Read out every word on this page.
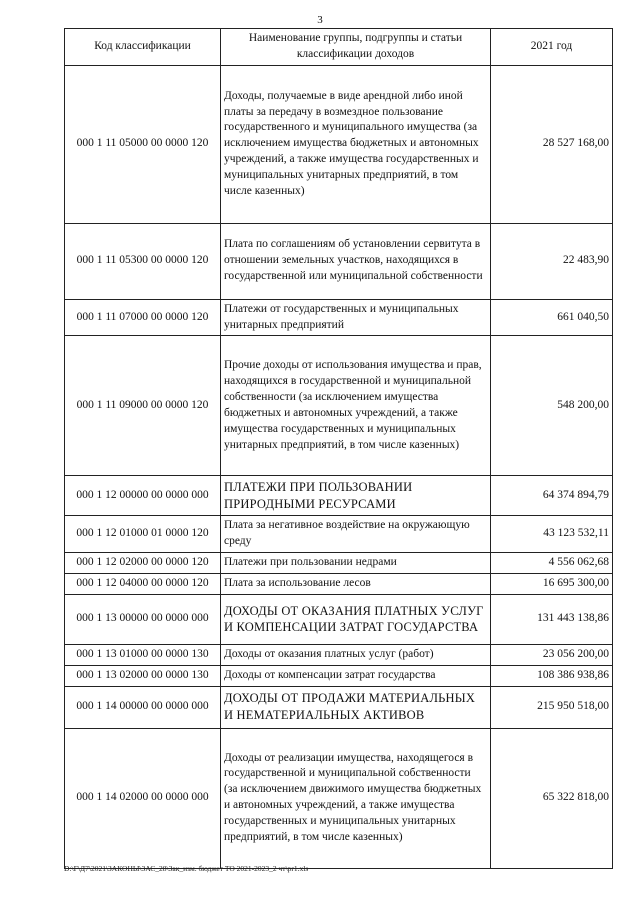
3
Код классификации	Наименование группы, подгруппы и статьи классификации доходов	2021 год
000 1 11 05000 00 0000 120	Доходы, получаемые в виде арендной либо иной платы за передачу в возмездное пользование государственного и муниципального имущества (за исключением имущества бюджетных и автономных учреждений, а также имущества государственных и муниципальных унитарных предприятий, в том числе казенных)	28 527 168,00
000 1 11 05300 00 0000 120	Плата по соглашениям об установлении сервитута в отношении земельных участков, находящихся в государственной или муниципальной собственности	22 483,90
000 1 11 07000 00 0000 120	Платежи от государственных и муниципальных унитарных предприятий	661 040,50
000 1 11 09000 00 0000 120	Прочие доходы от использования имущества и прав, находящихся в государственной и муниципальной собственности (за исключением имущества бюджетных и автономных учреждений, а также имущества государственных и муниципальных унитарных предприятий, в том числе казенных)	548 200,00
000 1 12 00000 00 0000 000	ПЛАТЕЖИ ПРИ ПОЛЬЗОВАНИИ ПРИРОДНЫМИ РЕСУРСАМИ	64 374 894,79
000 1 12 01000 01 0000 120	Плата за негативное воздействие на окружающую среду	43 123 532,11
000 1 12 02000 00 0000 120	Платежи при пользовании недрами	4 556 062,68
000 1 12 04000 00 0000 120	Плата за использование лесов	16 695 300,00
000 1 13 00000 00 0000 000	ДОХОДЫ ОТ ОКАЗАНИЯ ПЛАТНЫХ УСЛУГ И КОМПЕНСАЦИИ ЗАТРАТ ГОСУДАРСТВА	131 443 138,86
000 1 13 01000 00 0000 130	Доходы от оказания платных услуг (работ)	23 056 200,00
000 1 13 02000 00 0000 130	Доходы от компенсации затрат государства	108 386 938,86
000 1 14 00000 00 0000 000	ДОХОДЫ ОТ ПРОДАЖИ МАТЕРИАЛЬНЫХ И НЕМАТЕРИАЛЬНЫХ АКТИВОВ	215 950 518,00
000 1 14 02000 00 0000 000	Доходы от реализации имущества, находящегося в государственной и муниципальной собственности (за исключением движимого имущества бюджетных и автономных учреждений, а также имущества государственных и муниципальных унитарных предприятий, в том числе казенных)	65 322 818,00
D:\Г\Д7\2021\ЗАКОНЫ\ЗАС_28\Зак_изм. бюджет ТО 2021-2023_2 чт\pr1.xls
